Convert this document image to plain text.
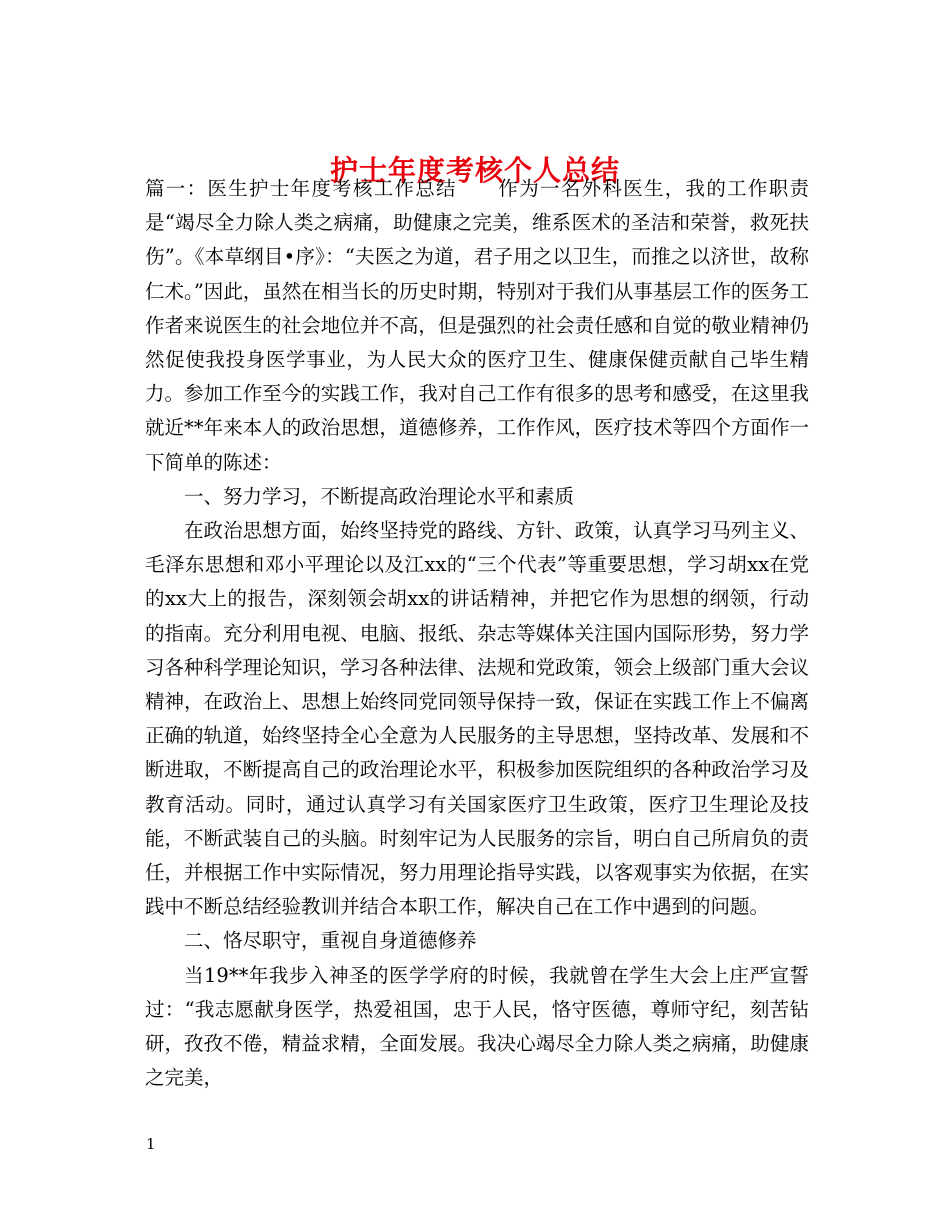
护士年度考核个人总结

篇一：医生护士年度考核工作总结　　作为一名外科医生，我的工作职责是“竭尽全力除人类之病痛，助健康之完美，维系医术的圣洁和荣誉，救死扶伤”。《本草纲目•序》：“夫医之为道，君子用之以卫生，而推之以济世，故称仁术。”因此，虽然在相当长的历史时期，特别对于我们从事基层工作的医务工作者来说医生的社会地位并不高，但是强烈的社会责任感和自觉的敬业精神仍然促使我投身医学事业，为人民大众的医疗卫生、健康保健贡献自己毕生精力。参加工作至今的实践工作，我对自己工作有很多的思考和感受，在这里我就近**年来本人的政治思想，道德修养，工作作风，医疗技术等四个方面作一下简单的陈述：

一、努力学习，不断提高政治理论水平和素质

在政治思想方面，始终坚持党的路线、方针、政策，认真学习马列主义、毛泽东思想和邓小平理论以及江xx的“三个代表”等重要思想，学习胡xx在党的xx大上的报告，深刻领会胡xx的讲话精神，并把它作为思想的纲领，行动的指南。充分利用电视、电脑、报纸、杂志等媒体关注国内国际形势，努力学习各种科学理论知识，学习各种法律、法规和党政策，领会上级部门重大会议精神，在政治上、思想上始终同党同领导保持一致，保证在实践工作上不偏离正确的轨道，始终坚持全心全意为人民服务的主导思想，坚持改革、发展和不断进取，不断提高自己的政治理论水平，积极参加医院组织的各种政治学习及教育活动。同时，通过认真学习有关国家医疗卫生政策，医疗卫生理论及技能，不断武装自己的头脑。时刻牢记为人民服务的宗旨，明白自己所肩负的责任，并根据工作中实际情况，努力用理论指导实践，以客观事实为依据，在实践中不断总结经验教训并结合本职工作，解决自己在工作中遇到的问题。

二、恪尽职守，重视自身道德修养

当19**年我步入神圣的医学学府的时候，我就曾在学生大会上庄严宣誓过：“我志愿献身医学，热爱祖国，忠于人民，恪守医德，尊师守纪，刻苦钻研，孜孜不倦，精益求精，全面发展。我决心竭尽全力除人类之病痛，助健康之完美，

1
